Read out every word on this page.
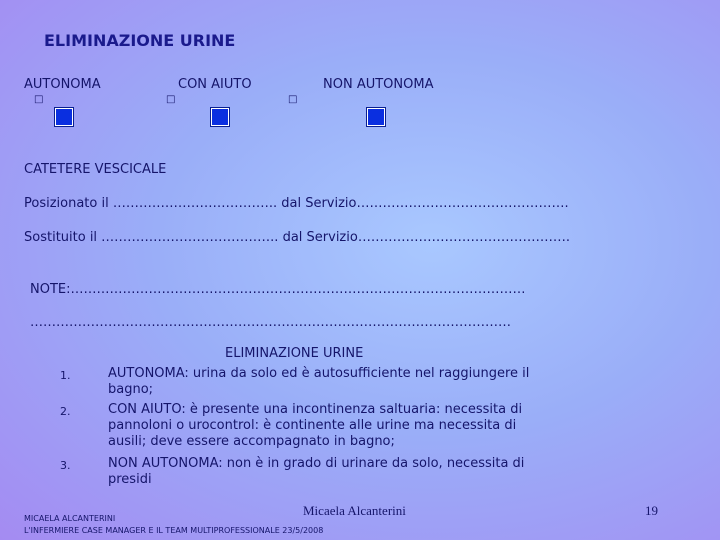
ELIMINAZIONE URINE
AUTONOMA	CON AIUTO	NON AUTONOMA
□	□	□
CATETERE VESCICALE
Posizionato il ……………………………….. dal Servizio………………………………………….
Sostituito il ………………………………….. dal Servizio………………………………………….
NOTE:……………………………………………………………………………………………
…………………………………………………………………………………………………
ELIMINAZIONE URINE
1.	AUTONOMA: urina da solo ed è autosufficiente nel raggiungere il bagno;
2.	CON AIUTO: è presente una incontinenza saltuaria: necessita di pannoloni o urocontrol: è continente alle urine ma necessita di ausili; deve essere accompagnato in bagno;
3.	NON AUTONOMA: non è in grado di urinare da solo, necessita di presidi
Micaela Alcanterini	19
MICAELA ALCANTERINI
L'INFERMIERE CASE MANAGER E IL TEAM MULTIPROFESSIONALE 23/5/2008
